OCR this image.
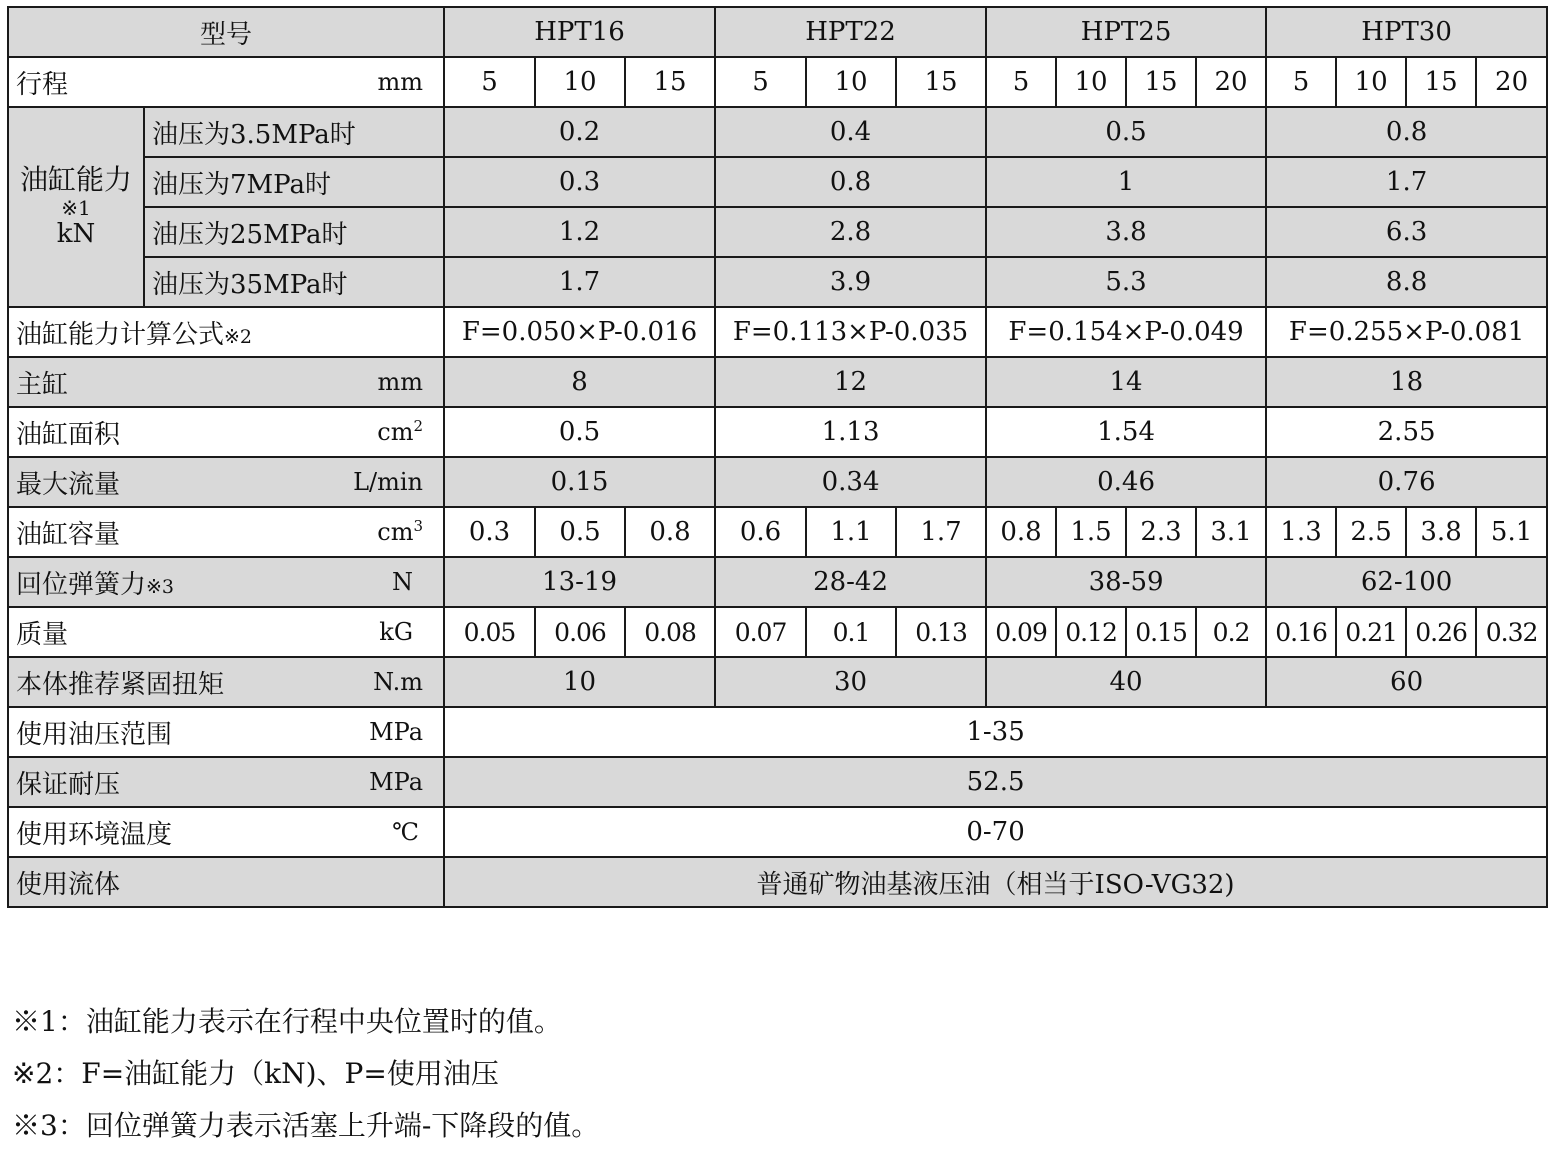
型号		HPT16			HPT22			HPT25				HPT30			

行程 mm		5	10	15	5	10	15	5	10	15	20	5	10	15	20

油缸能力
※1
kN	油压为3.5MPa时	0.2			0.4			0.5				0.8			
	油压为7MPa时	0.3			0.8			1				1.7			
	油压为25MPa时	1.2			2.8			3.8				6.3			
	油压为35MPa时	1.7			3.9			5.3				8.8			
油缸能力计算公式※2		F=0.050×P-0.016			F=0.113×P-0.035			F=0.154×P-0.049				F=0.255×P-0.081			

主缸 mm		8			12			14				18			

油缸面积 $cm^2$		0.5			1.13			1.54				2.55			

最大流量 L/min		0.15			0.34			0.46				0.76			

油缸容量 $cm^3$		0.3	0.5	0.8	0.6	1.1	1.7	0.8	1.5	2.3	3.1	1.3	2.5	3.8	5.1

回位弹簧力※3 N		13-19			28-42			38-59				62-100			

质量 kG		0.05	0.06	0.08	0.07	0.1	0.13	0.09	0.12	0.15	0.2	0.16	0.21	0.26	0.32

本体推荐紧固扭矩 N.m		10			30			40				60			

使用油压范围 MPa		1-35													

保证耐压 MPa		52.5													

使用环境温度 ℃		0-70													
使用流体		普通矿物油基液压油（相当于ISO-VG32)													
※1：油缸能力表示在行程中央位置时的值。
※2：F=油缸能力（kN)、P=使用油压
※3：回位弹簧力表示活塞上升端-下降段的值。
